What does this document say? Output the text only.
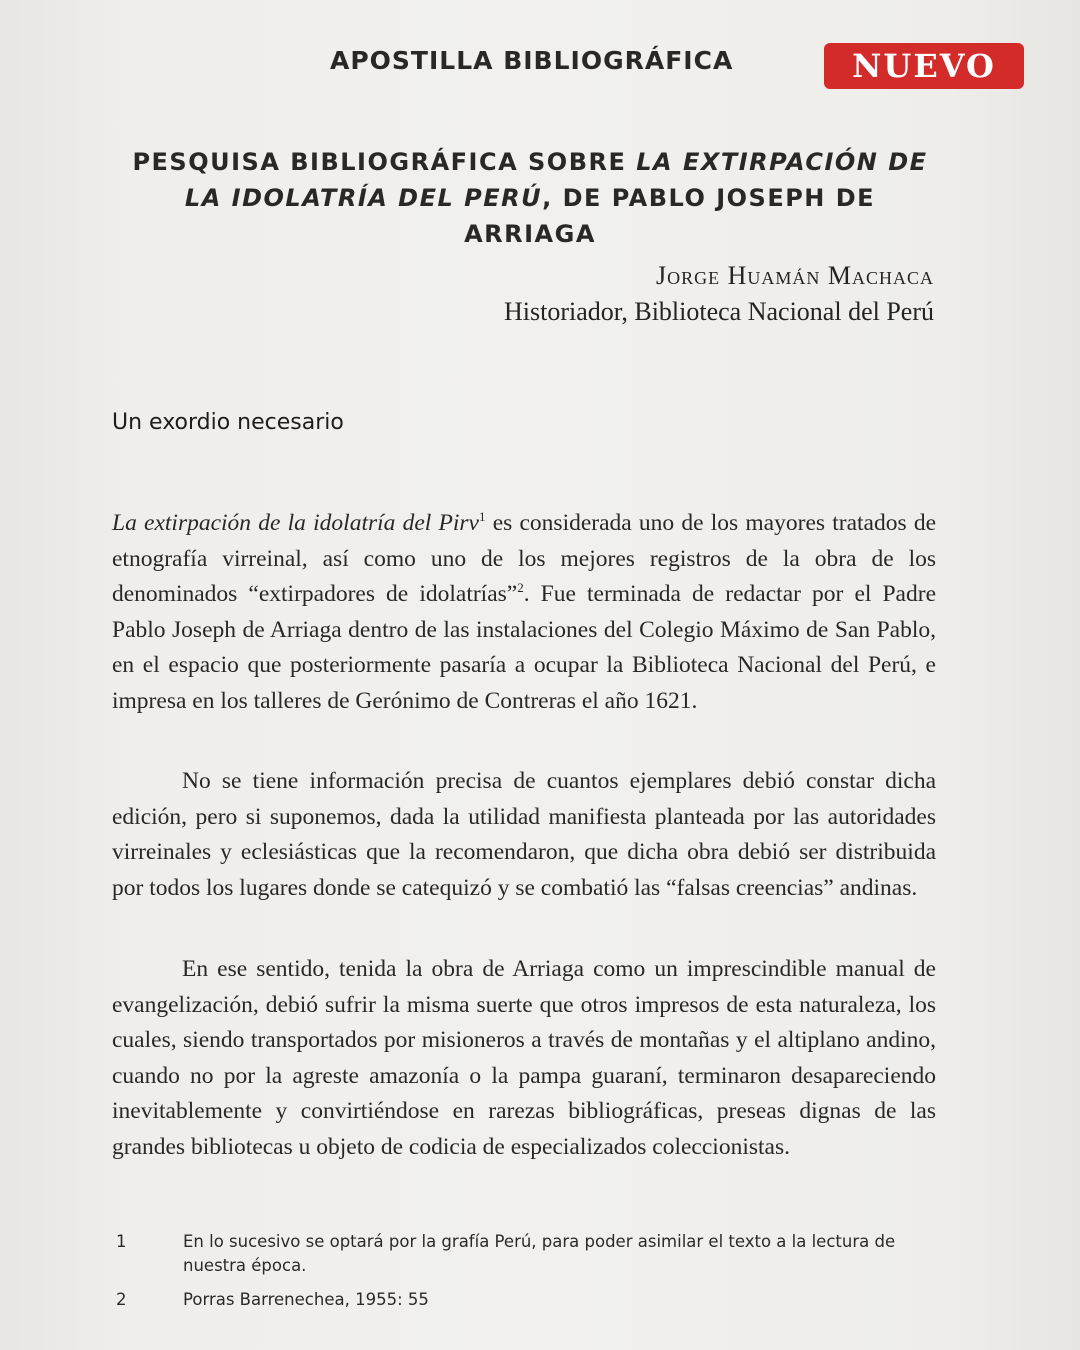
APOSTILLA BIBLIOGRÁFICA	NUEVO
PESQUISA BIBLIOGRÁFICA SOBRE LA EXTIRPACIÓN DE LA IDOLATRÍA DEL PERÚ, DE PABLO JOSEPH DE ARRIAGA
Jorge Huamán Machaca
Historiador, Biblioteca Nacional del Perú
Un exordio necesario

La extirpación de la idolatría del Pirv$^1$ es considerada uno de los mayores tratados de etnografía virreinal, así como uno de los mejores registros de la obra de los denominados “extirpadores de idolatrías”$^2$. Fue terminada de redactar por el Padre Pablo Joseph de Arriaga dentro de las instalaciones del Colegio Máximo de San Pablo, en el espacio que posteriormente pasaría a ocupar la Biblioteca Nacional del Perú, e impresa en los talleres de Gerónimo de Contreras el año 1621.

No se tiene información precisa de cuantos ejemplares debió constar dicha edición, pero si suponemos, dada la utilidad manifiesta planteada por las autoridades virreinales y eclesiásticas que la recomendaron, que dicha obra debió ser distribuida por todos los lugares donde se catequizó y se combatió las “falsas creencias” andinas.

En ese sentido, tenida la obra de Arriaga como un imprescindible manual de evangelización, debió sufrir la misma suerte que otros impresos de esta naturaleza, los cuales, siendo transportados por misioneros a través de montañas y el altiplano andino, cuando no por la agreste amazonía o la pampa guaraní, terminaron desapareciendo inevitablemente y convirtiéndose en rarezas bibliográficas, preseas dignas de las grandes bibliotecas u objeto de codicia de especializados coleccionistas.

1	En lo sucesivo se optará por la grafía Perú, para poder asimilar el texto a la lectura de nuestra época.
2	Porras Barrenechea, 1955: 55
